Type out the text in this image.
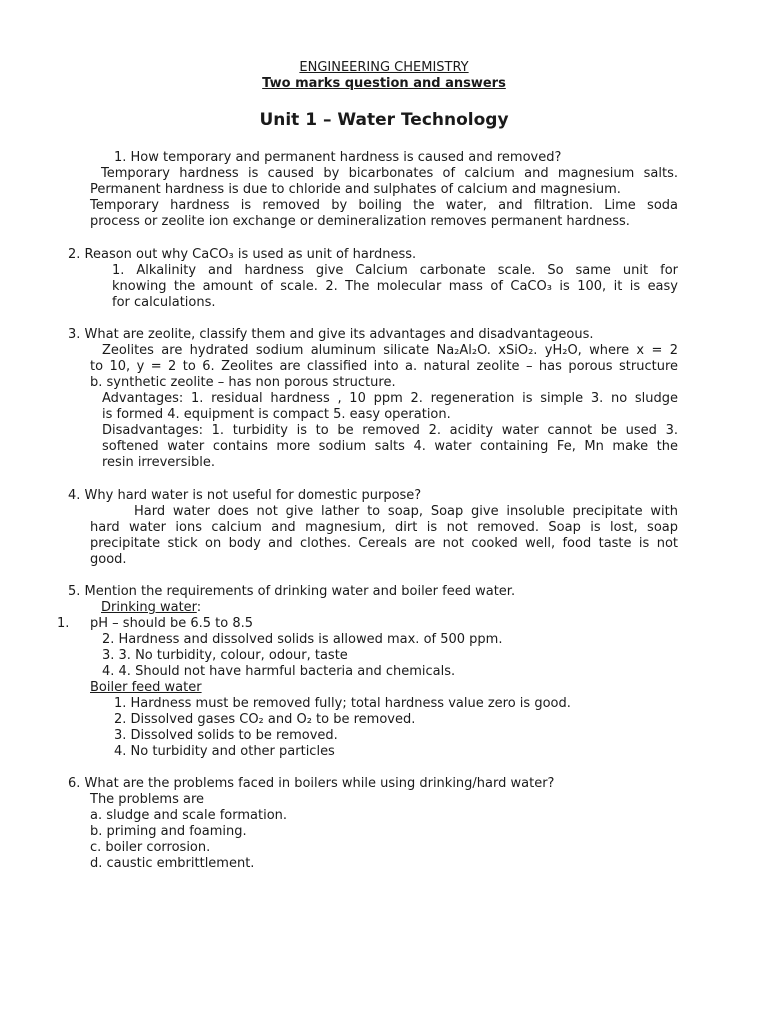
ENGINEERING CHEMISTRY
Two marks question and answers
Unit 1 – Water Technology
1. How temporary and permanent hardness is caused and removed?
Temporary hardness is caused by bicarbonates of calcium and magnesium salts.
Permanent hardness is due to chloride and sulphates of calcium and magnesium.
Temporary hardness is removed by boiling the water, and filtration. Lime soda
process or zeolite ion exchange or demineralization removes permanent hardness.
2. Reason out why CaCO₃ is used as unit of hardness.
1. Alkalinity and hardness give Calcium carbonate scale. So same unit for
knowing the amount of scale. 2. The molecular mass of CaCO₃ is 100, it is easy
for calculations.
3. What are zeolite, classify them and give its advantages and disadvantageous.
Zeolites are hydrated sodium aluminum silicate Na₂Al₂O. xSiO₂. yH₂O, where x = 2
to 10, y = 2 to 6. Zeolites are classified into a. natural zeolite – has porous structure
b. synthetic zeolite – has non porous structure.
Advantages: 1. residual hardness , 10 ppm 2. regeneration is simple 3. no sludge
is formed 4. equipment is compact 5. easy operation.
Disadvantages: 1. turbidity is to be removed 2. acidity water cannot be used 3.
softened water contains more sodium salts 4. water containing Fe, Mn make the
resin irreversible.
4. Why hard water is not useful for domestic purpose?
Hard water does not give lather to soap, Soap give insoluble precipitate with
hard water ions calcium and magnesium, dirt is not removed. Soap is lost, soap
precipitate stick on body and clothes. Cereals are not cooked well, food taste is not
good.
5. Mention the requirements of drinking water and boiler feed water.
Drinking water:
1. pH – should be 6.5 to 8.5
2. Hardness and dissolved solids is allowed max. of 500 ppm.
3. 3. No turbidity, colour, odour, taste
4. 4. Should not have harmful bacteria and chemicals.
Boiler feed water
1. Hardness must be removed fully; total hardness value zero is good.
2. Dissolved gases CO₂ and O₂ to be removed.
3. Dissolved solids to be removed.
4. No turbidity and other particles
6. What are the problems faced in boilers while using drinking/hard water?
The problems are
a. sludge and scale formation.
b. priming and foaming.
c. boiler corrosion.
d. caustic embrittlement.
